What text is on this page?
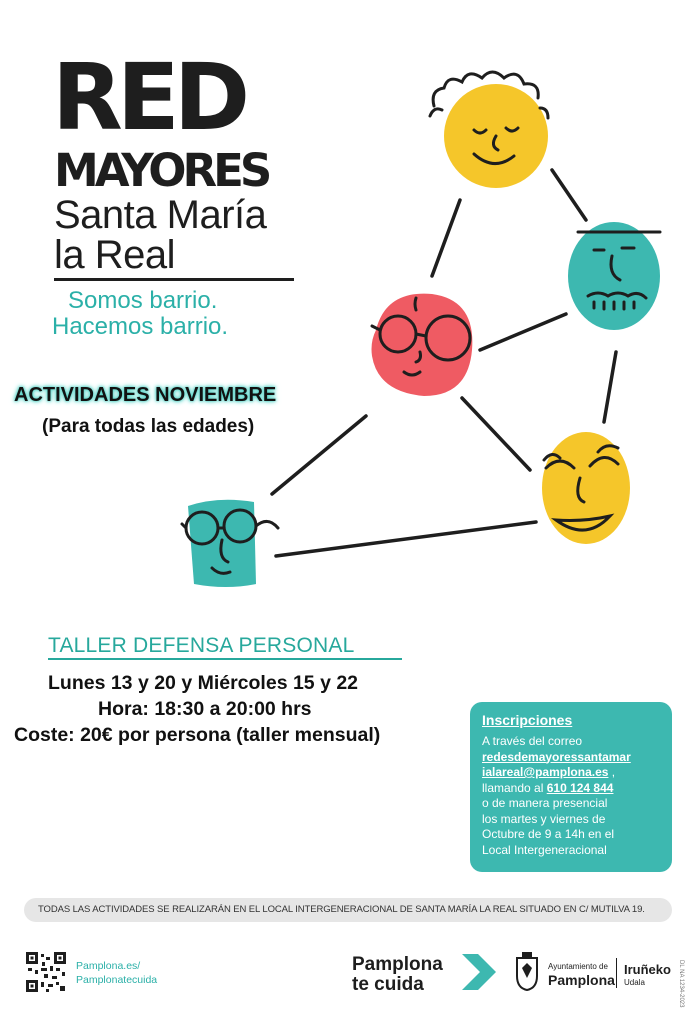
RED
MAYORES
Santa María
la Real
Somos barrio.
Hacemos barrio.
ACTIVIDADES NOVIEMBRE
(Para todas las edades)
TALLER DEFENSA PERSONAL
Lunes 13 y 20 y Miércoles 15 y 22
Hora: 18:30 a 20:00 hrs
Coste: 20€ por persona (taller mensual)
Inscripciones
A través del correo
redesdemayoressantamar
ialareal@pamplona.es ,
llamando al 610 124 844
o de manera presencial
los martes y viernes de
Octubre de 9 a 14h en el
Local Intergeneracional
TODAS LAS ACTIVIDADES SE REALIZARÁN EN EL LOCAL INTERGENERACIONAL DE SANTA MARÍA LA REAL SITUADO EN C/ MUTILVA 19.
Pamplona.es/
Pamplonatecuida
Pamplona
te cuida
Ayuntamiento de
Pamplona
Iruñeko
Udala	DL NA 1234-2023
